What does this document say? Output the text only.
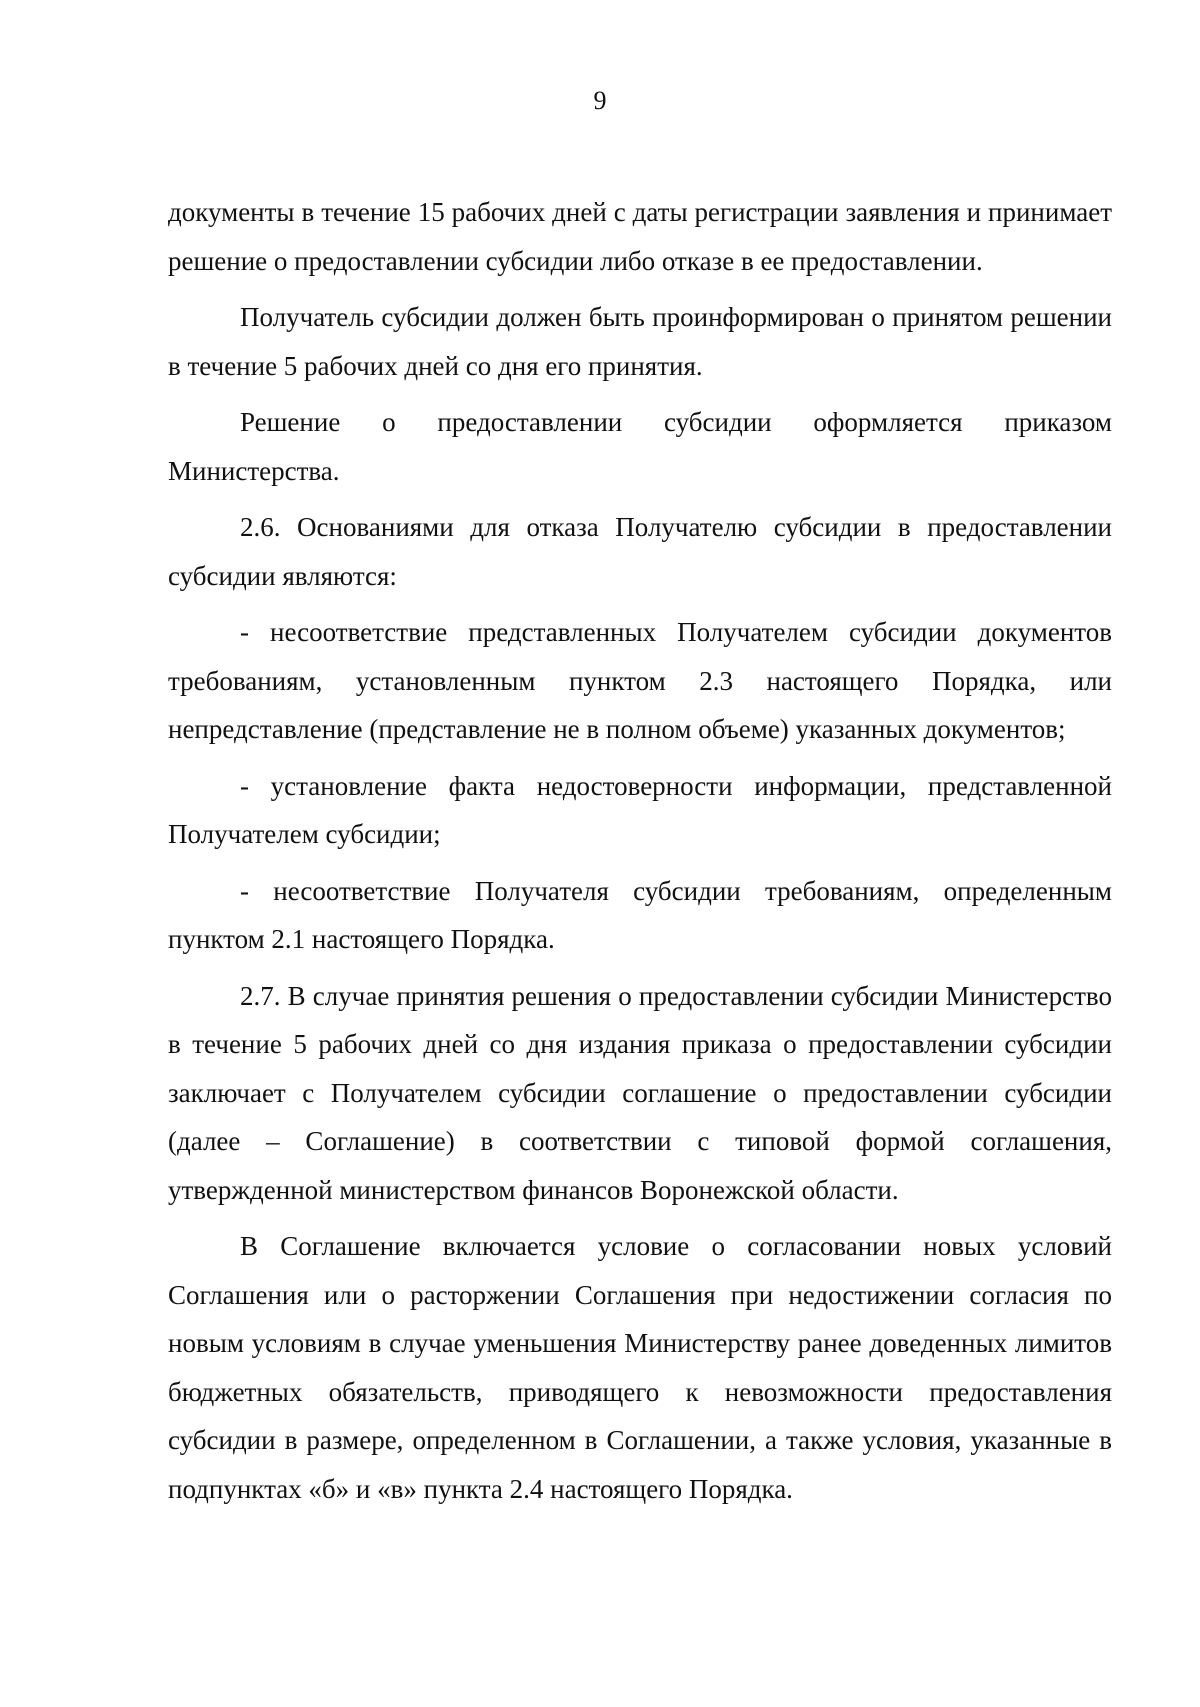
9

документы в течение 15 рабочих дней с даты регистрации заявления и принимает решение о предоставлении субсидии либо отказе в ее предоставлении.

Получатель субсидии должен быть проинформирован о принятом решении в течение 5 рабочих дней со дня его принятия.

Решение о предоставлении субсидии оформляется приказом Министерства.

2.6. Основаниями для отказа Получателю субсидии в предоставлении субсидии являются:

- несоответствие представленных Получателем субсидии документов требованиям, установленным пунктом 2.3 настоящего Порядка, или непредставление (представление не в полном объеме) указанных документов;

- установление факта недостоверности информации, представленной Получателем субсидии;

- несоответствие Получателя субсидии требованиям, определенным пунктом 2.1 настоящего Порядка.

2.7. В случае принятия решения о предоставлении субсидии Министерство в течение 5 рабочих дней со дня издания приказа о предоставлении субсидии заключает с Получателем субсидии соглашение о предоставлении субсидии (далее – Соглашение) в соответствии с типовой формой соглашения, утвержденной министерством финансов Воронежской области.

В Соглашение включается условие о согласовании новых условий Соглашения или о расторжении Соглашения при недостижении согласия по новым условиям в случае уменьшения Министерству ранее доведенных лимитов бюджетных обязательств, приводящего к невозможности предоставления субсидии в размере, определенном в Соглашении, а также условия, указанные в подпунктах «б» и «в» пункта 2.4 настоящего Порядка.
